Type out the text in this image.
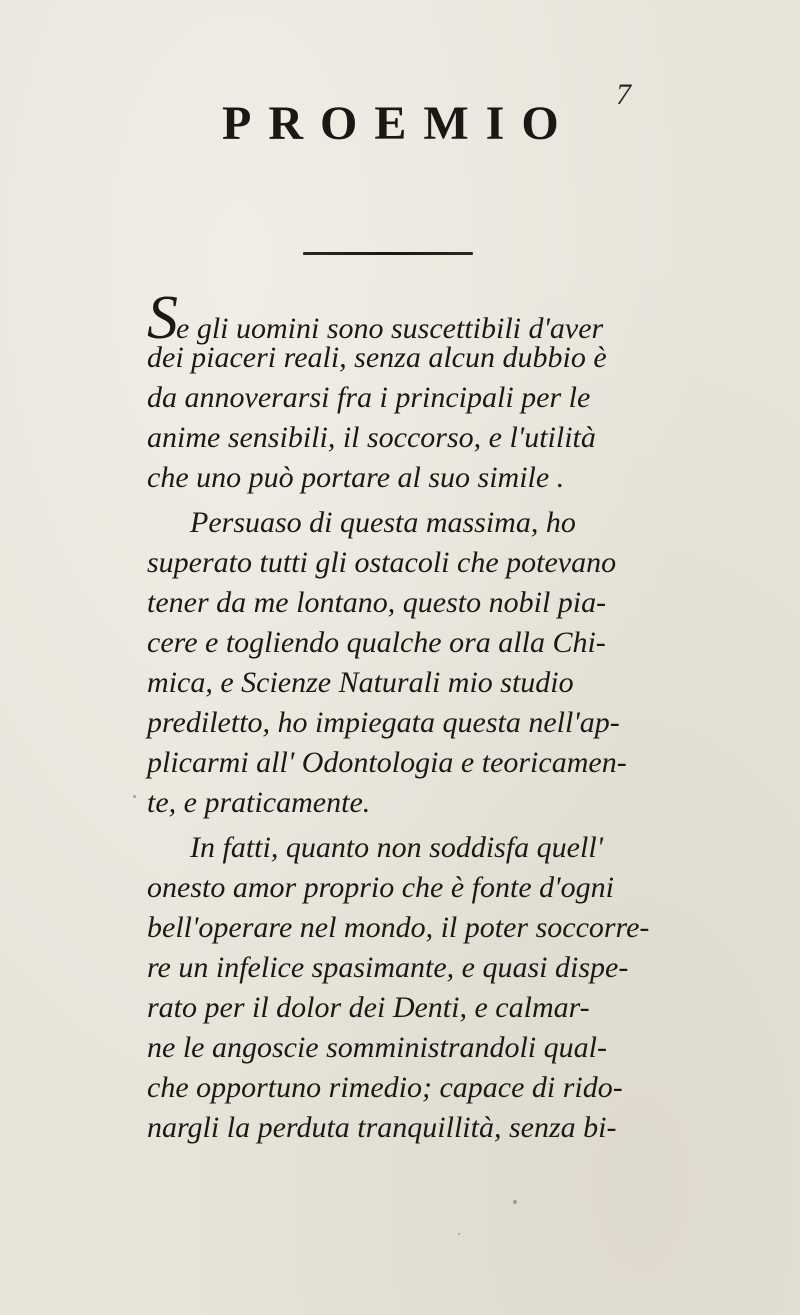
7
PROEMIO
Se gli uomini sono suscettibili d'aver
dei piaceri reali, senza alcun dubbio è
da annoverarsi fra i principali per le
anime sensibili, il soccorso, e l'utilità
che uno può portare al suo simile .
Persuaso di questa massima, ho
superato tutti gli ostacoli che potevano
tener da me lontano, questo nobil pia-
cere e togliendo qualche ora alla Chi-
mica, e Scienze Naturali mio studio
prediletto, ho impiegata questa nell'ap-
plicarmi all' Odontologia e teoricamen-
te, e praticamente.
In fatti, quanto non soddisfa quell'
onesto amor proprio che è fonte d'ogni
bell'operare nel mondo, il poter soccorre-
re un infelice spasimante, e quasi dispe-
rato per il dolor dei Denti, e calmar-
ne le angoscie somministrandoli qual-
che opportuno rimedio; capace di rido-
nargli la perduta tranquillità, senza bi-
